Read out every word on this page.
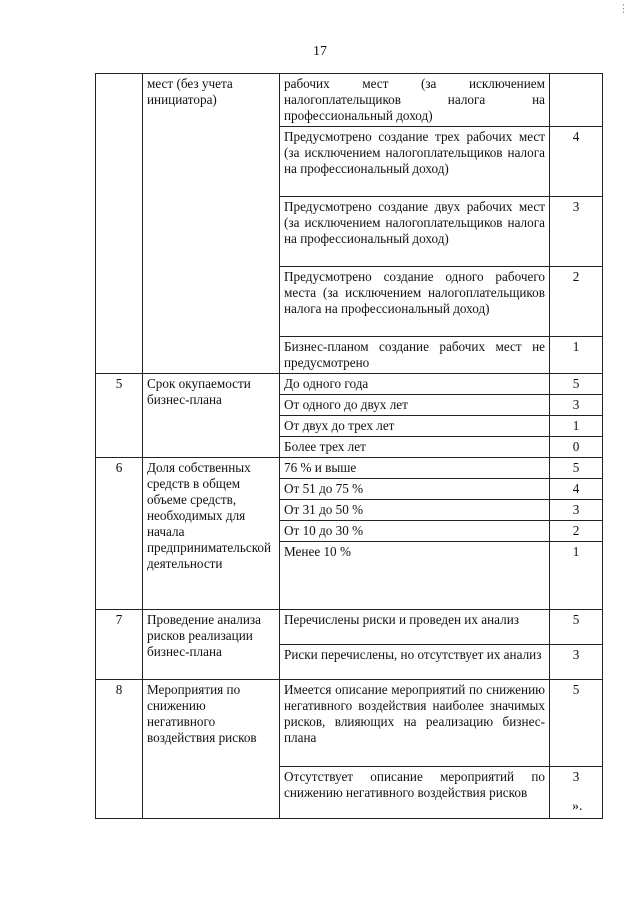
⋮
17
	мест (без учета инициатора)	рабочих мест (за исключением налогоплательщиков налога на профессиональный доход)	
		Предусмотрено создание трех рабочих мест (за исключением налогоплательщиков налога на профессиональный доход)	4
		Предусмотрено создание двух рабочих мест (за исключением налогоплательщиков налога на профессиональный доход)	3
		Предусмотрено создание одного рабочего места (за исключением налогоплательщиков налога на профессиональный доход)	2
		Бизнес-планом создание рабочих мест не предусмотрено	1
5	Срок окупаемости бизнес-плана	До одного года	5
		От одного до двух лет	3
		От двух до трех лет	1
		Более трех лет	0
6	Доля собственных средств в общем объеме средств, необходимых для начала предпринимательской деятельности	76 % и выше	5
		От 51 до 75 %	4
		От 31 до 50 %	3
		От 10 до 30 %	2
		Менее 10 %	1
7	Проведение анализа рисков реализации бизнес-плана	Перечислены риски и проведен их анализ	5
		Риски перечислены, но отсутствует их анализ	3
8	Мероприятия по снижению негативного воздействия рисков	Имеется описание мероприятий по снижению негативного воздействия наиболее значимых рисков, влияющих на реализацию бизнес-плана	5
		Отсутствует описание мероприятий по снижению негативного воздействия рисков	3
».
